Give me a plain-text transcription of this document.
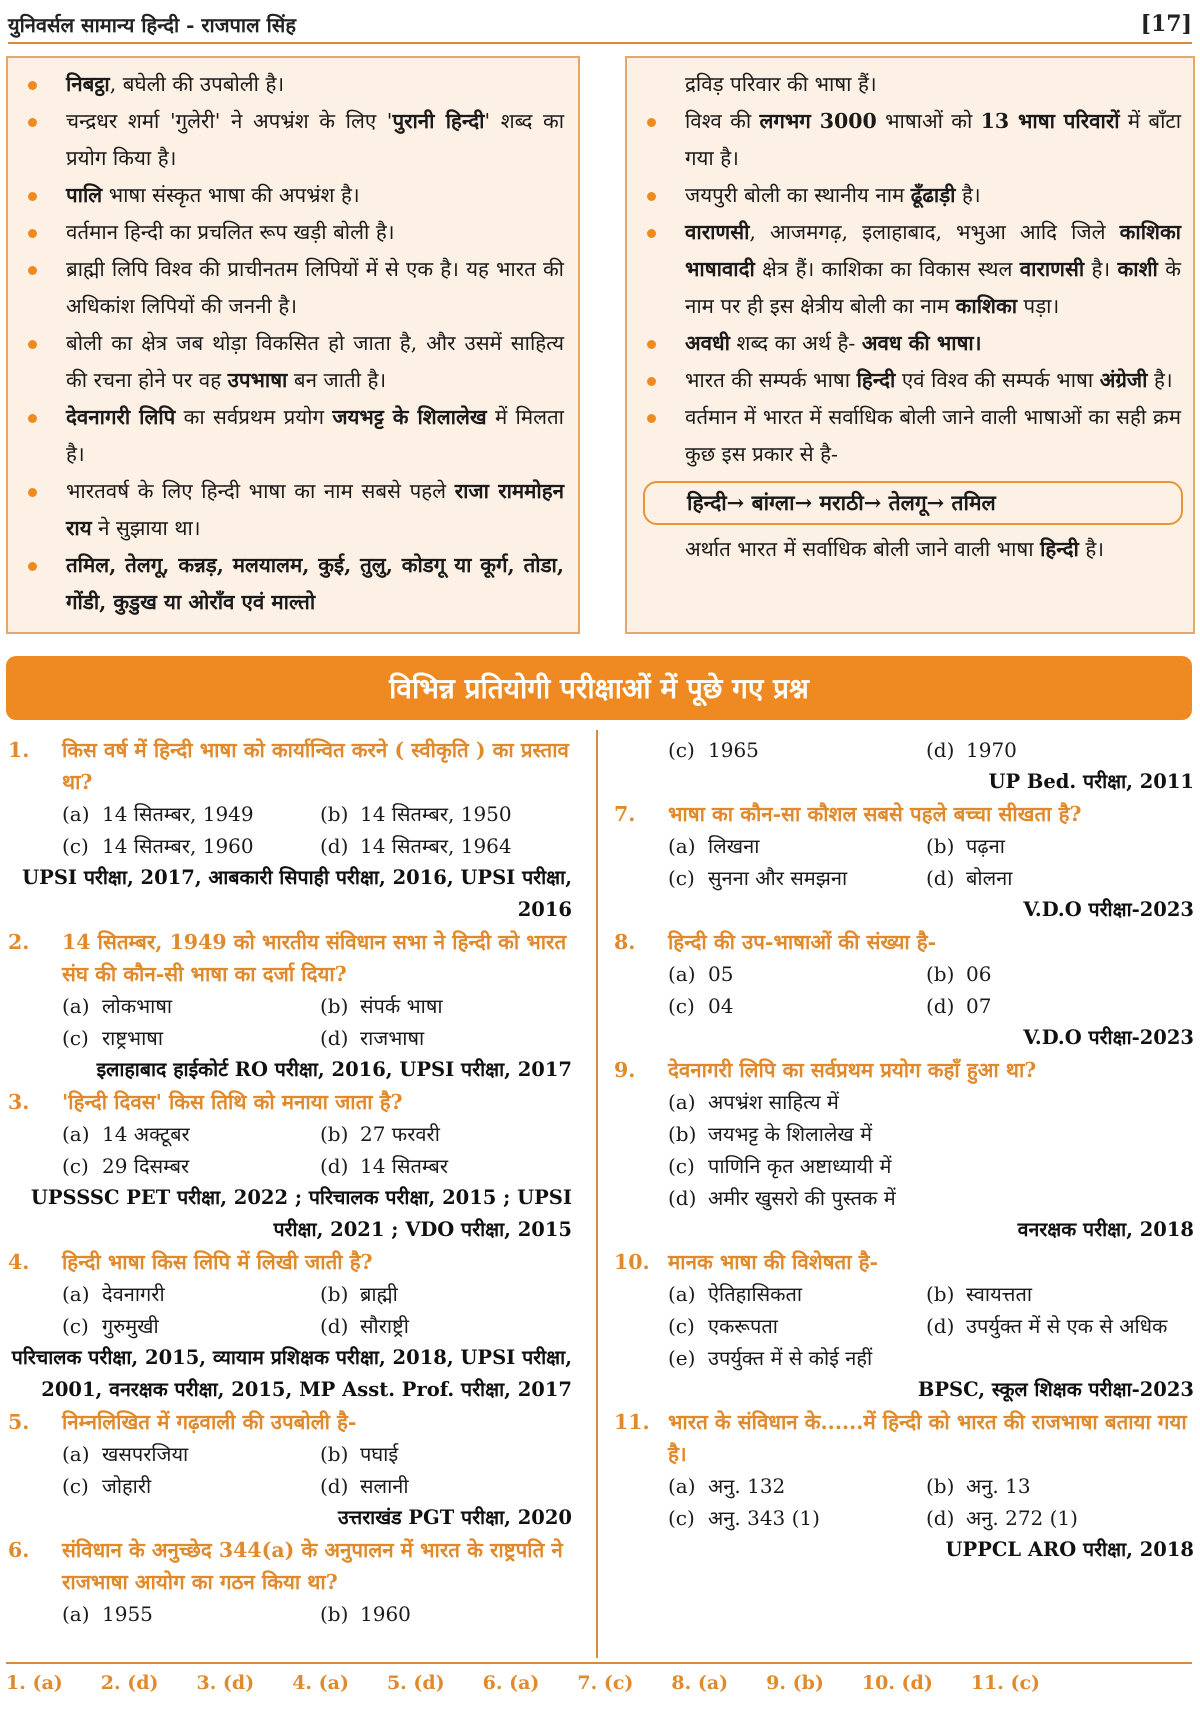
युनिवर्सल सामान्य हिन्दी - राजपाल सिंह	[17]
निबट्ठा, बघेली की उपबोली है।
चन्द्रधर शर्मा 'गुलेरी' ने अपभ्रंश के लिए 'पुरानी हिन्दी' शब्द का प्रयोग किया है।
पालि भाषा संस्कृत भाषा की अपभ्रंश है।
वर्तमान हिन्दी का प्रचलित रूप खड़ी बोली है।
ब्राह्मी लिपि विश्व की प्राचीनतम लिपियों में से एक है। यह भारत की अधिकांश लिपियों की जननी है।
बोली का क्षेत्र जब थोड़ा विकसित हो जाता है, और उसमें साहित्य की रचना होने पर वह उपभाषा बन जाती है।
देवनागरी लिपि का सर्वप्रथम प्रयोग जयभट्ट के शिलालेख में मिलता है।
भारतवर्ष के लिए हिन्दी भाषा का नाम सबसे पहले राजा राममोहन राय ने सुझाया था।
तमिल, तेलगू, कन्नड़, मलयालम, कुई, तुलु, कोडगू या कूर्ग, तोडा, गोंडी, कुडुख या ओरॉंव एवं माल्तो
द्रविड़ परिवार की भाषा हैं।
विश्व की लगभग 3000 भाषाओं को 13 भाषा परिवारों में बाँटा गया है।
जयपुरी बोली का स्थानीय नाम ढूँढाड़ी है।
वाराणसी, आजमगढ़, इलाहाबाद, भभुआ आदि जिले काशिका भाषावादी क्षेत्र हैं। काशिका का विकास स्थल वाराणसी है। काशी के नाम पर ही इस क्षेत्रीय बोली का नाम काशिका पड़ा।
अवधी शब्द का अर्थ है- अवध की भाषा।
भारत की सम्पर्क भाषा हिन्दी एवं विश्व की सम्पर्क भाषा अंग्रेजी है।
वर्तमान में भारत में सर्वाधिक बोली जाने वाली भाषाओं का सही क्रम कुछ इस प्रकार से है-
हिन्दी→ बांग्ला→ मराठी→ तेलगू→ तमिल
अर्थात भारत में सर्वाधिक बोली जाने वाली भाषा हिन्दी है।
विभिन्न प्रतियोगी परीक्षाओं में पूछे गए प्रश्न
1. किस वर्ष में हिन्दी भाषा को कार्यान्वित करने ( स्वीकृति ) का प्रस्ताव था?
(a) 14 सितम्बर, 1949	(b) 14 सितम्बर, 1950
(c) 14 सितम्बर, 1960	(d) 14 सितम्बर, 1964
UPSI परीक्षा, 2017, आबकारी सिपाही परीक्षा, 2016, UPSI परीक्षा, 2016
2. 14 सितम्बर, 1949 को भारतीय संविधान सभा ने हिन्दी को भारत संघ की कौन-सी भाषा का दर्जा दिया?
(a) लोकभाषा	(b) संपर्क भाषा
(c) राष्ट्रभाषा	(d) राजभाषा
इलाहाबाद हाईकोर्ट RO परीक्षा, 2016, UPSI परीक्षा, 2017
3. 'हिन्दी दिवस' किस तिथि को मनाया जाता है?
(a) 14 अक्टूबर	(b) 27 फरवरी
(c) 29 दिसम्बर	(d) 14 सितम्बर
UPSSSC PET परीक्षा, 2022 ; परिचालक परीक्षा, 2015 ; UPSI परीक्षा, 2021 ; VDO परीक्षा, 2015
4. हिन्दी भाषा किस लिपि में लिखी जाती है?
(a) देवनागरी	(b) ब्राह्मी
(c) गुरुमुखी	(d) सौराष्ट्री
परिचालक परीक्षा, 2015, व्यायाम प्रशिक्षक परीक्षा, 2018, UPSI परीक्षा, 2001, वनरक्षक परीक्षा, 2015, MP Asst. Prof. परीक्षा, 2017
5. निम्नलिखित में गढ़वाली की उपबोली है-
(a) खसपरजिया	(b) पघाई
(c) जोहारी	(d) सलानी
उत्तराखंड PGT परीक्षा, 2020
6. संविधान के अनुच्छेद 344(a) के अनुपालन में भारत के राष्ट्रपति ने राजभाषा आयोग का गठन किया था?
(a) 1955	(b) 1960
(c) 1965	(d) 1970
UP Bed. परीक्षा, 2011
7. भाषा का कौन-सा कौशल सबसे पहले बच्चा सीखता है?
(a) लिखना	(b) पढ़ना
(c) सुनना और समझना	(d) बोलना
V.D.O परीक्षा-2023
8. हिन्दी की उप-भाषाओं की संख्या है-
(a) 05	(b) 06
(c) 04	(d) 07
V.D.O परीक्षा-2023
9. देवनागरी लिपि का सर्वप्रथम प्रयोग कहाँ हुआ था?
(a) अपभ्रंश साहित्य में
(b) जयभट्ट के शिलालेख में
(c) पाणिनि कृत अष्टाध्यायी में
(d) अमीर खुसरो की पुस्तक में
वनरक्षक परीक्षा, 2018
10. मानक भाषा की विशेषता है-
(a) ऐतिहासिकता	(b) स्वायत्तता
(c) एकरूपता	(d) उपर्युक्त में से एक से अधिक
(e) उपर्युक्त में से कोई नहीं
BPSC, स्कूल शिक्षक परीक्षा-2023
11. भारत के संविधान के......में हिन्दी को भारत की राजभाषा बताया गया है।
(a) अनु. 132	(b) अनु. 13
(c) अनु. 343 (1)	(d) अनु. 272 (1)
UPPCL ARO परीक्षा, 2018
1. (a) 2. (d) 3. (d) 4. (a) 5. (d) 6. (a) 7. (c) 8. (a) 9. (b) 10. (d) 11. (c)
